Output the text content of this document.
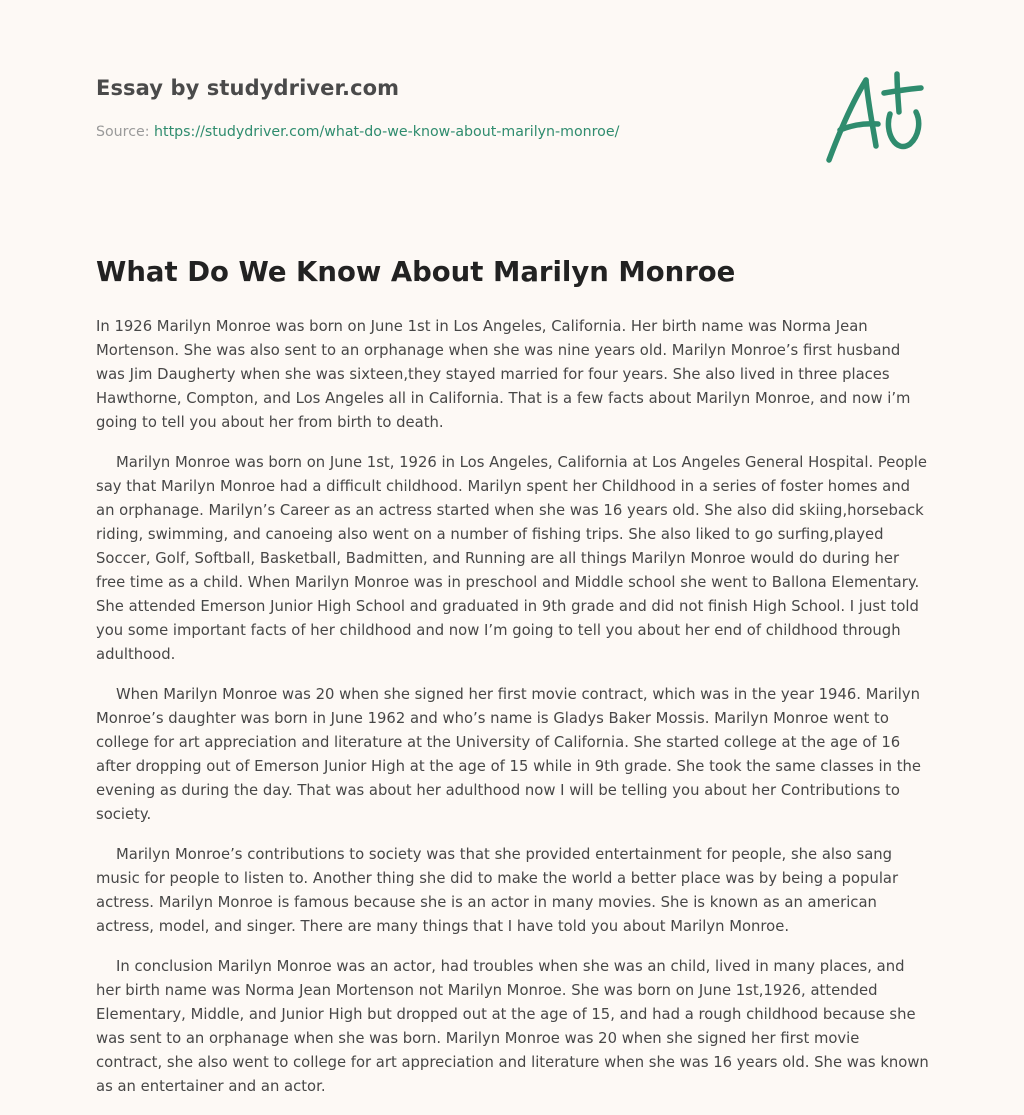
Essay by studydriver.com
Source: https://studydriver.com/what-do-we-know-about-marilyn-monroe/
What Do We Know About Marilyn Monroe

In 1926 Marilyn Monroe was born on June 1st in Los Angeles, California. Her birth name was Norma Jean Mortenson. She was also sent to an orphanage when she was nine years old. Marilyn Monroe’s first husband was Jim Daugherty when she was sixteen,they stayed married for four years. She also lived in three places Hawthorne, Compton, and Los Angeles all in California. That is a few facts about Marilyn Monroe, and now i’m going to tell you about her from birth to death.

Marilyn Monroe was born on June 1st, 1926 in Los Angeles, California at Los Angeles General Hospital. People say that Marilyn Monroe had a difficult childhood. Marilyn spent her Childhood in a series of foster homes and an orphanage. Marilyn’s Career as an actress started when she was 16 years old. She also did skiing,horseback riding, swimming, and canoeing also went on a number of fishing trips. She also liked to go surfing,played Soccer, Golf, Softball, Basketball, Badmitten, and Running are all things Marilyn Monroe would do during her free time as a child. When Marilyn Monroe was in preschool and Middle school she went to Ballona Elementary. She attended Emerson Junior High School and graduated in 9th grade and did not finish High School. I just told you some important facts of her childhood and now I’m going to tell you about her end of childhood through adulthood.

When Marilyn Monroe was 20 when she signed her first movie contract, which was in the year 1946. Marilyn Monroe’s daughter was born in June 1962 and who’s name is Gladys Baker Mossis. Marilyn Monroe went to college for art appreciation and literature at the University of California. She started college at the age of 16 after dropping out of Emerson Junior High at the age of 15 while in 9th grade. She took the same classes in the evening as during the day. That was about her adulthood now I will be telling you about her Contributions to society.

Marilyn Monroe’s contributions to society was that she provided entertainment for people, she also sang music for people to listen to. Another thing she did to make the world a better place was by being a popular actress. Marilyn Monroe is famous because she is an actor in many movies. She is known as an american actress, model, and singer. There are many things that I have told you about Marilyn Monroe.

In conclusion Marilyn Monroe was an actor, had troubles when she was an child, lived in many places, and her birth name was Norma Jean Mortenson not Marilyn Monroe. She was born on June 1st,1926, attended Elementary, Middle, and Junior High but dropped out at the age of 15, and had a rough childhood because she was sent to an orphanage when she was born. Marilyn Monroe was 20 when she signed her first movie contract, she also went to college for art appreciation and literature when she was 16 years old. She was known as an entertainer and an actor.
